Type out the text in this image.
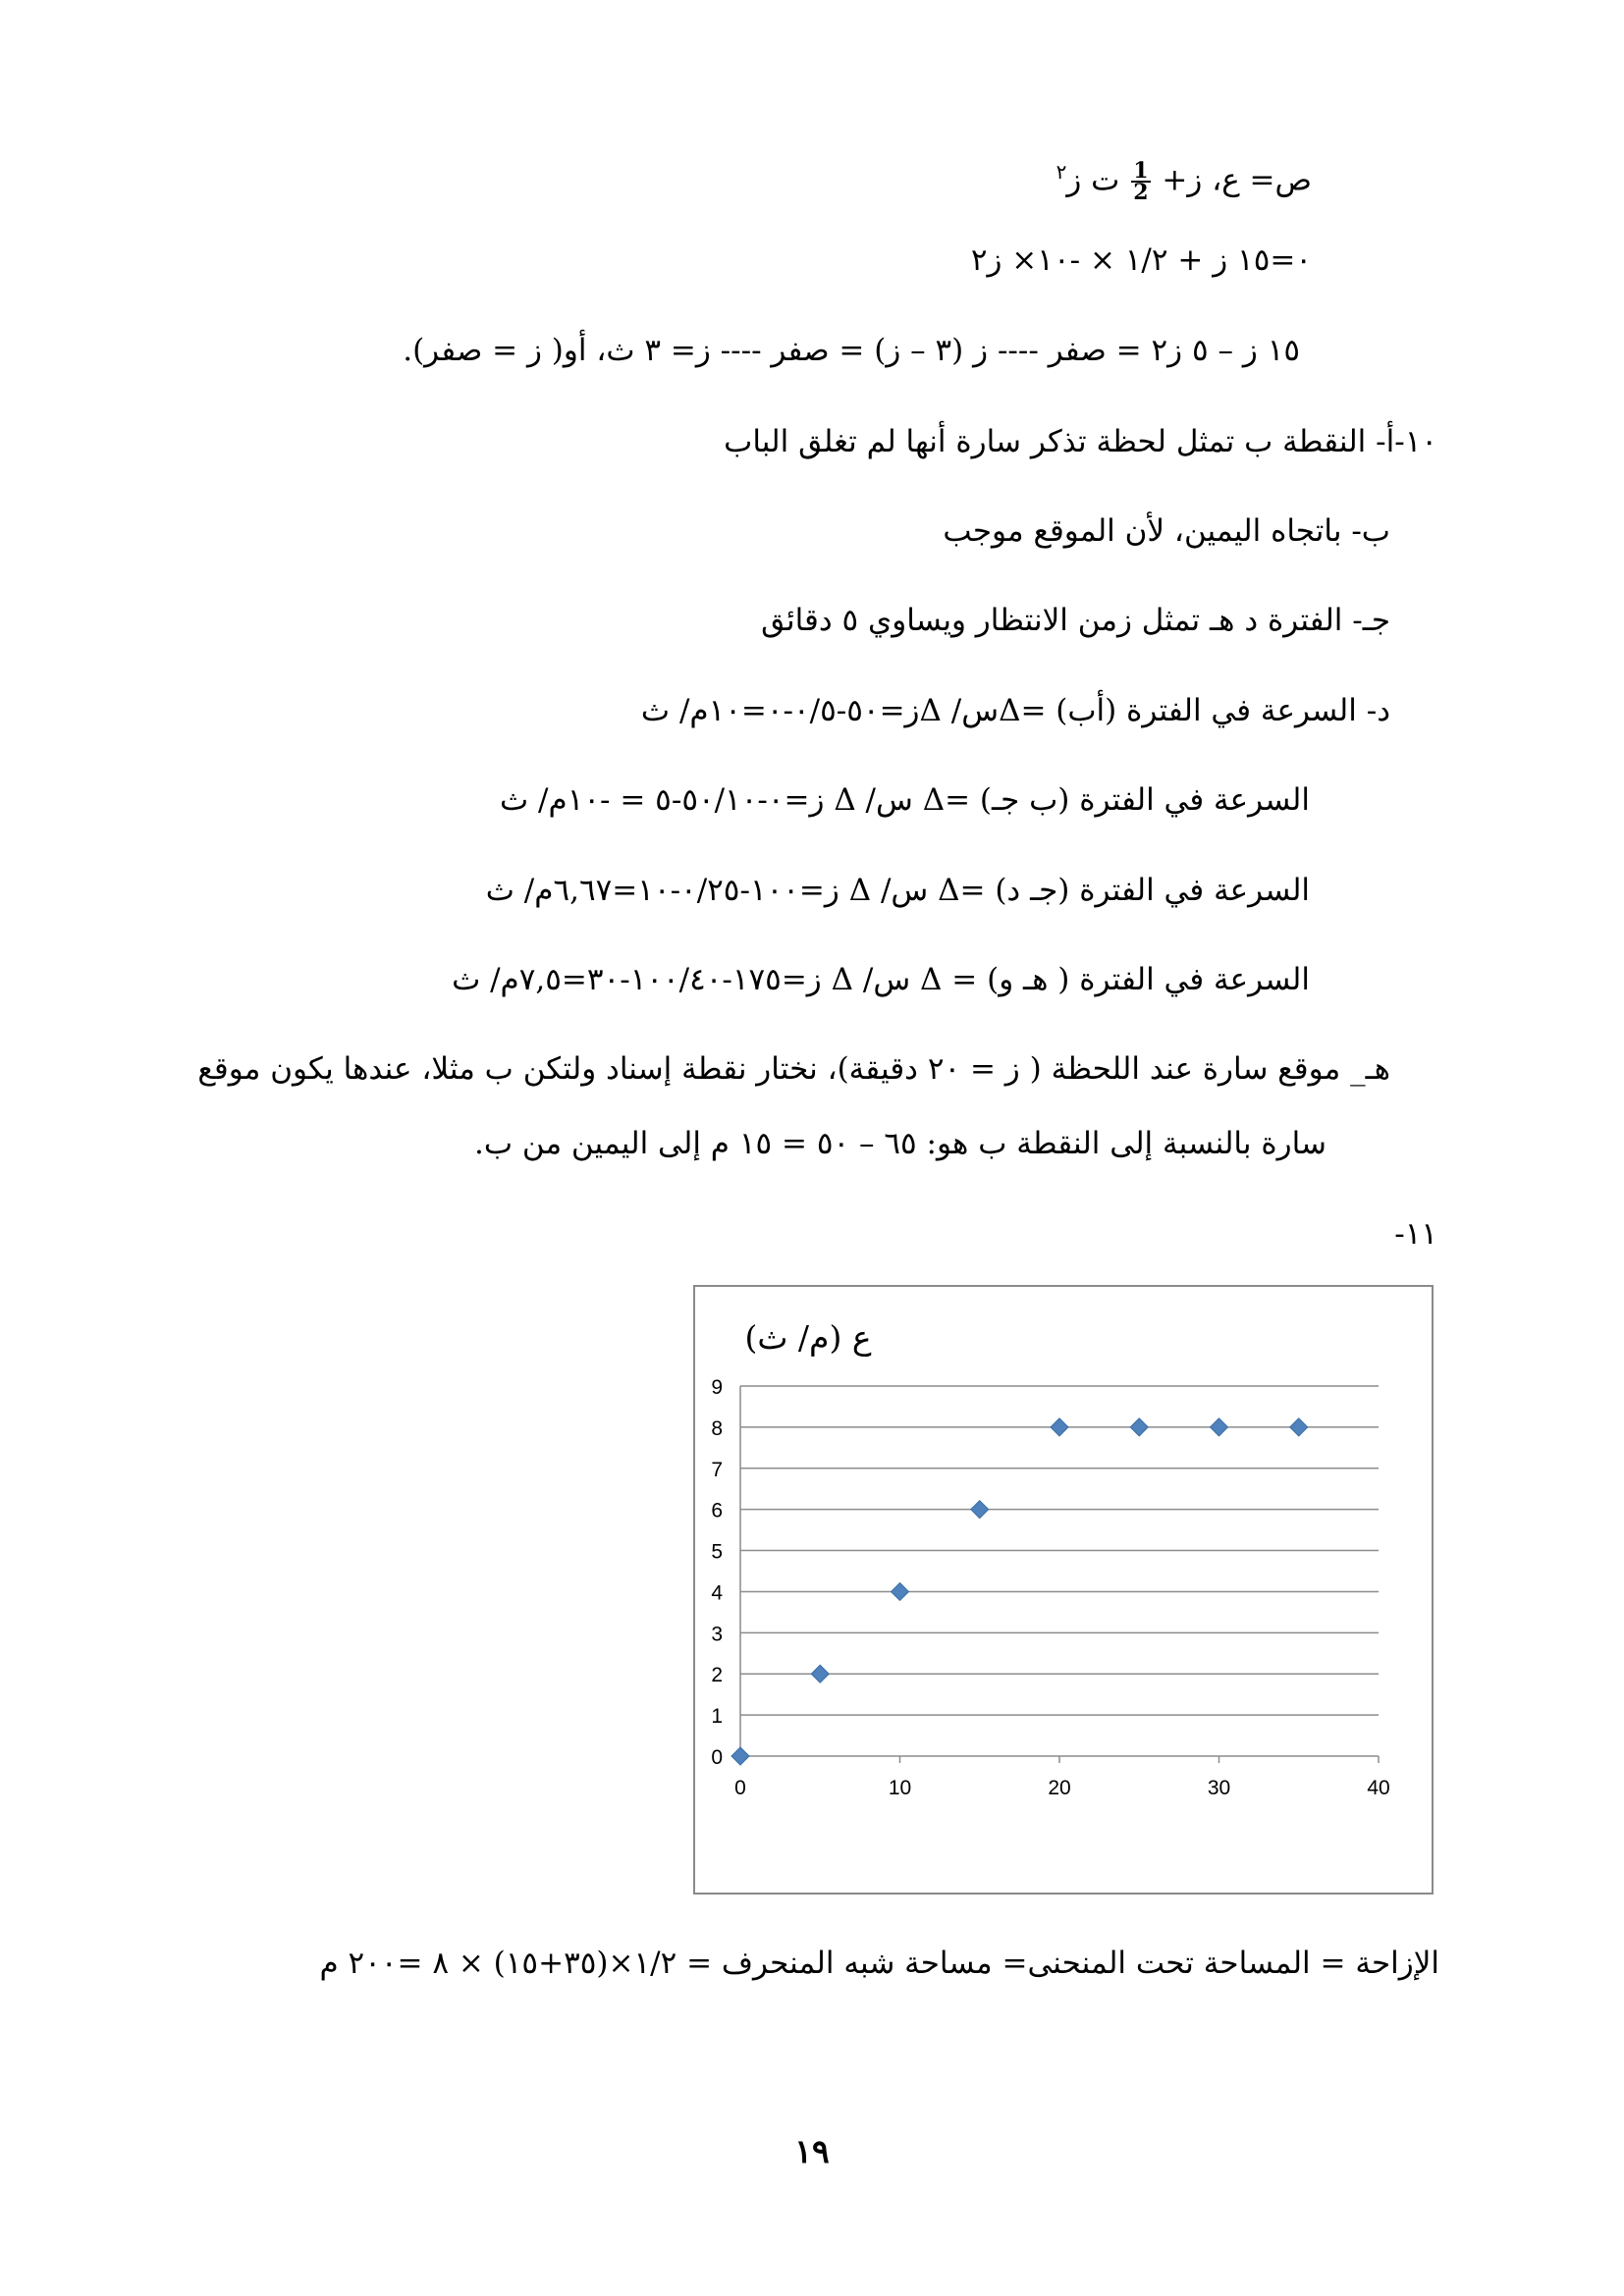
ص= ع، ز+
$\frac{1}{2}$
ت ز$^٢$
٠=١٥ ز + ١/٢ × -١٠× ز٢
١٥ ز – ٥ ز٢ = صفر ---- ز (٣ – ز) = صفر ---- ز= ٣ ث، أو( ز = صفر).
١٠-أ- النقطة ب تمثل لحظة تذكر سارة أنها لم تغلق الباب
ب- باتجاه اليمين، لأن الموقع موجب
جـ- الفترة د هـ تمثل زمن الانتظار ويساوي ٥ دقائق
د- السرعة في الفترة (أب) =Δس/ Δز=٥٠-٠/٥-٠=١٠م/ ث
السرعة في الفترة (ب جـ) =Δ س/ Δ ز=٠-٥٠/١٠-٥ = -١٠م/ ث
السرعة في الفترة (جـ د) =Δ س/ Δ ز=١٠٠-٠/٢٥-١٠=٦,٦٧م/ ث
السرعة في الفترة ( هـ و) = Δ س/ Δ ز=١٧٥-١٠٠/٤٠-٣٠=٧,٥م/ ث
هـ_ موقع سارة عند اللحظة ( ز = ٢٠ دقيقة)، نختار نقطة إسناد ولتكن ب مثلا، عندها يكون موقع
سارة بالنسبة إلى النقطة ب هو: ٦٥ – ٥٠ = ١٥ م إلى اليمين من ب.
١١-
0
1
2
3
4
5
6
7
8
9
0	10	20	30	40
ع (م/ ث)
الإزاحة = المساحة تحت المنحنى= مساحة شبه المنحرف = ١/٢×(٣٥+١٥) × ٨ =٢٠٠ م
١٩
